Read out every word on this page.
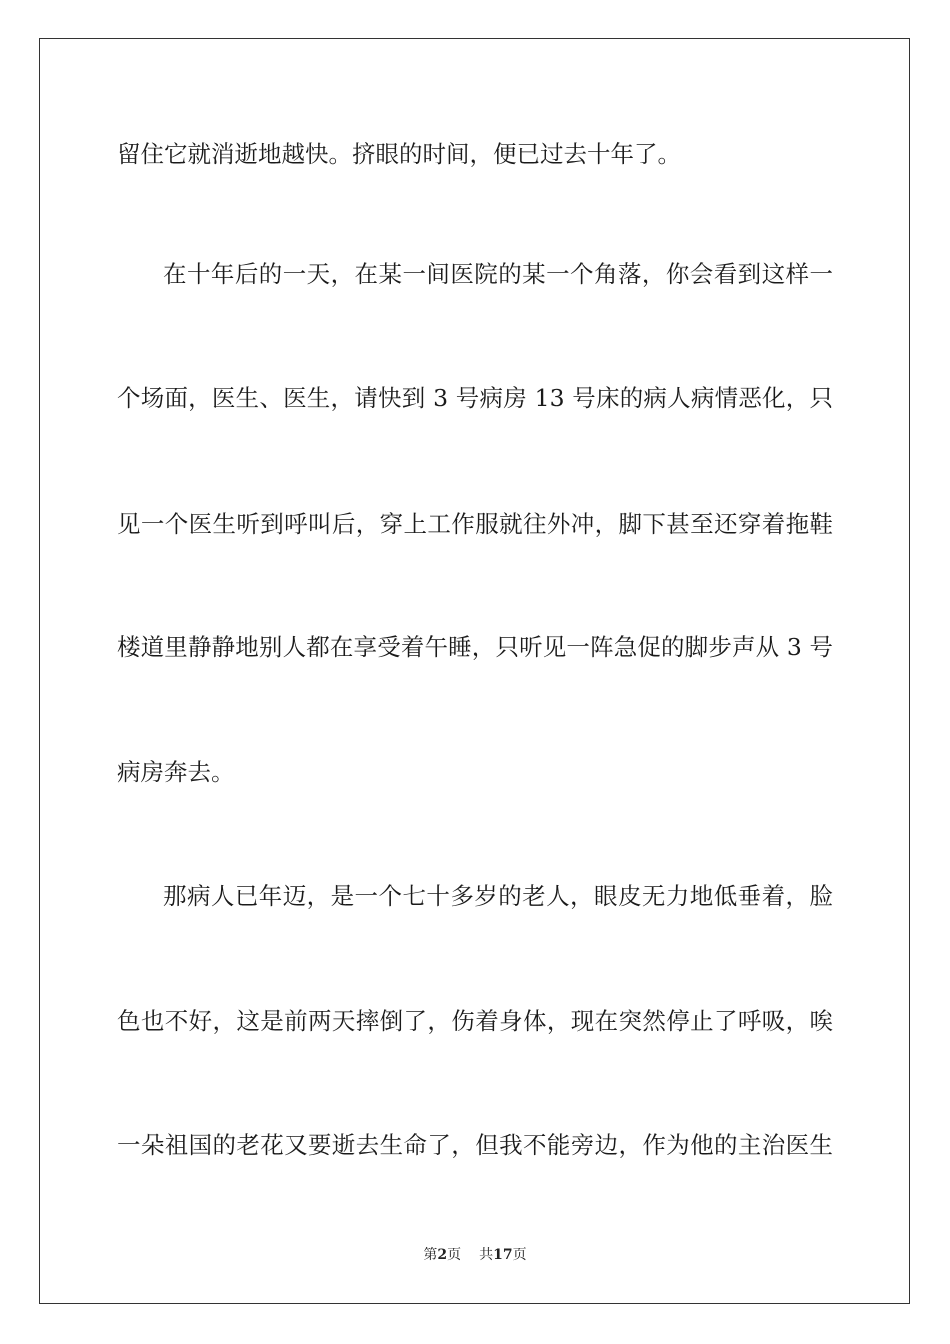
留住它就消逝地越快。挤眼的时间，便已过去十年了。
在十年后的一天，在某一间医院的某一个角落，你会看到这样一
个场面，医生、医生，请快到 3 号病房 13 号床的病人病情恶化，只
见一个医生听到呼叫后，穿上工作服就往外冲，脚下甚至还穿着拖鞋
楼道里静静地别人都在享受着午睡，只听见一阵急促的脚步声从 3 号
病房奔去。
那病人已年迈，是一个七十多岁的老人，眼皮无力地低垂着，脸
色也不好，这是前两天摔倒了，伤着身体，现在突然停止了呼吸，唉
一朵祖国的老花又要逝去生命了，但我不能旁边，作为他的主治医生
第2页 共17页
